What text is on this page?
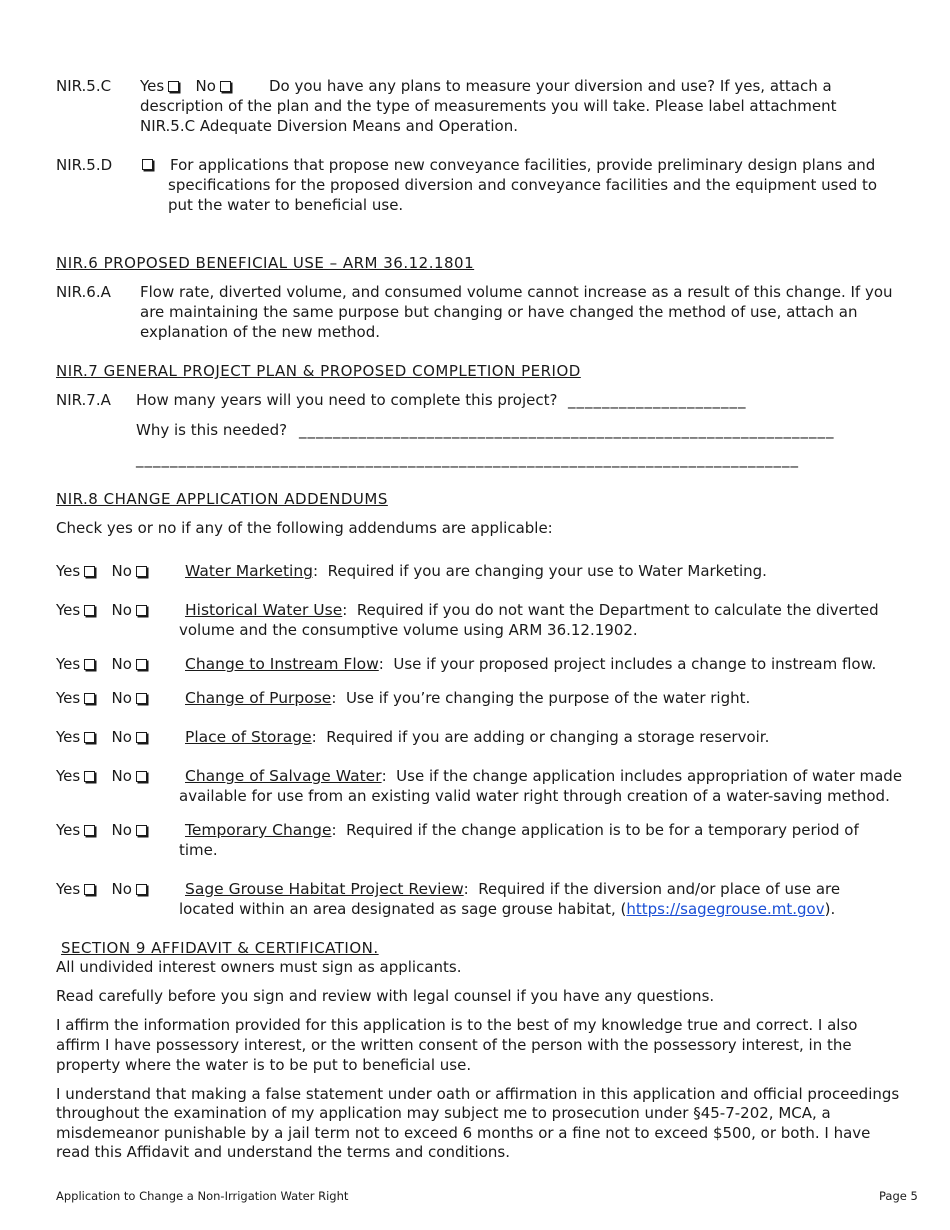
NIR.5.C Yes No	Do you have any plans to measure your diversion and use? If yes, attach a
description of the plan and the type of measurements you will take. Please label attachment
NIR.5.C Adequate Diversion Means and Operation.
NIR.5.D	For applications that propose new conveyance facilities, provide preliminary design plans and
specifications for the proposed diversion and conveyance facilities and the equipment used to
put the water to beneficial use.
NIR.6 PROPOSED BENEFICIAL USE – ARM 36.12.1801
NIR.6.A Flow rate, diverted volume, and consumed volume cannot increase as a result of this change. If you
are maintaining the same purpose but changing or have changed the method of use, attach an
explanation of the new method.
NIR.7 GENERAL PROJECT PLAN & PROPOSED COMPLETION PERIOD
NIR.7.A How many years will you need to complete this project? _____________________
Why is this needed? _______________________________________________________________
______________________________________________________________________________
NIR.8 CHANGE APPLICATION ADDENDUMS
Check yes or no if any of the following addendums are applicable:
Yes No	Water Marketing:  Required if you are changing your use to Water Marketing.
Yes No	Historical Water Use:  Required if you do not want the Department to calculate the diverted
volume and the consumptive volume using ARM 36.12.1902.
Yes No	Change to Instream Flow:  Use if your proposed project includes a change to instream flow.
Yes No	Change of Purpose:  Use if you’re changing the purpose of the water right.
Yes No	Place of Storage:  Required if you are adding or changing a storage reservoir.
Yes No	Change of Salvage Water:  Use if the change application includes appropriation of water made
available for use from an existing valid water right through creation of a water-saving method.
Yes No	Temporary Change:  Required if the change application is to be for a temporary period of
time.
Yes No	Sage Grouse Habitat Project Review:  Required if the diversion and/or place of use are
located within an area designated as sage grouse habitat, (https://sagegrouse.mt.gov).
SECTION 9 AFFIDAVIT & CERTIFICATION.
All undivided interest owners must sign as applicants.
Read carefully before you sign and review with legal counsel if you have any questions.
I affirm the information provided for this application is to the best of my knowledge true and correct. I also
affirm I have possessory interest, or the written consent of the person with the possessory interest, in the
property where the water is to be put to beneficial use.
I understand that making a false statement under oath or affirmation in this application and official proceedings
throughout the examination of my application may subject me to prosecution under §45-7-202, MCA, a
misdemeanor punishable by a jail term not to exceed 6 months or a fine not to exceed $500, or both. I have
read this Affidavit and understand the terms and conditions.
Application to Change a Non-Irrigation Water Right	Page 5
